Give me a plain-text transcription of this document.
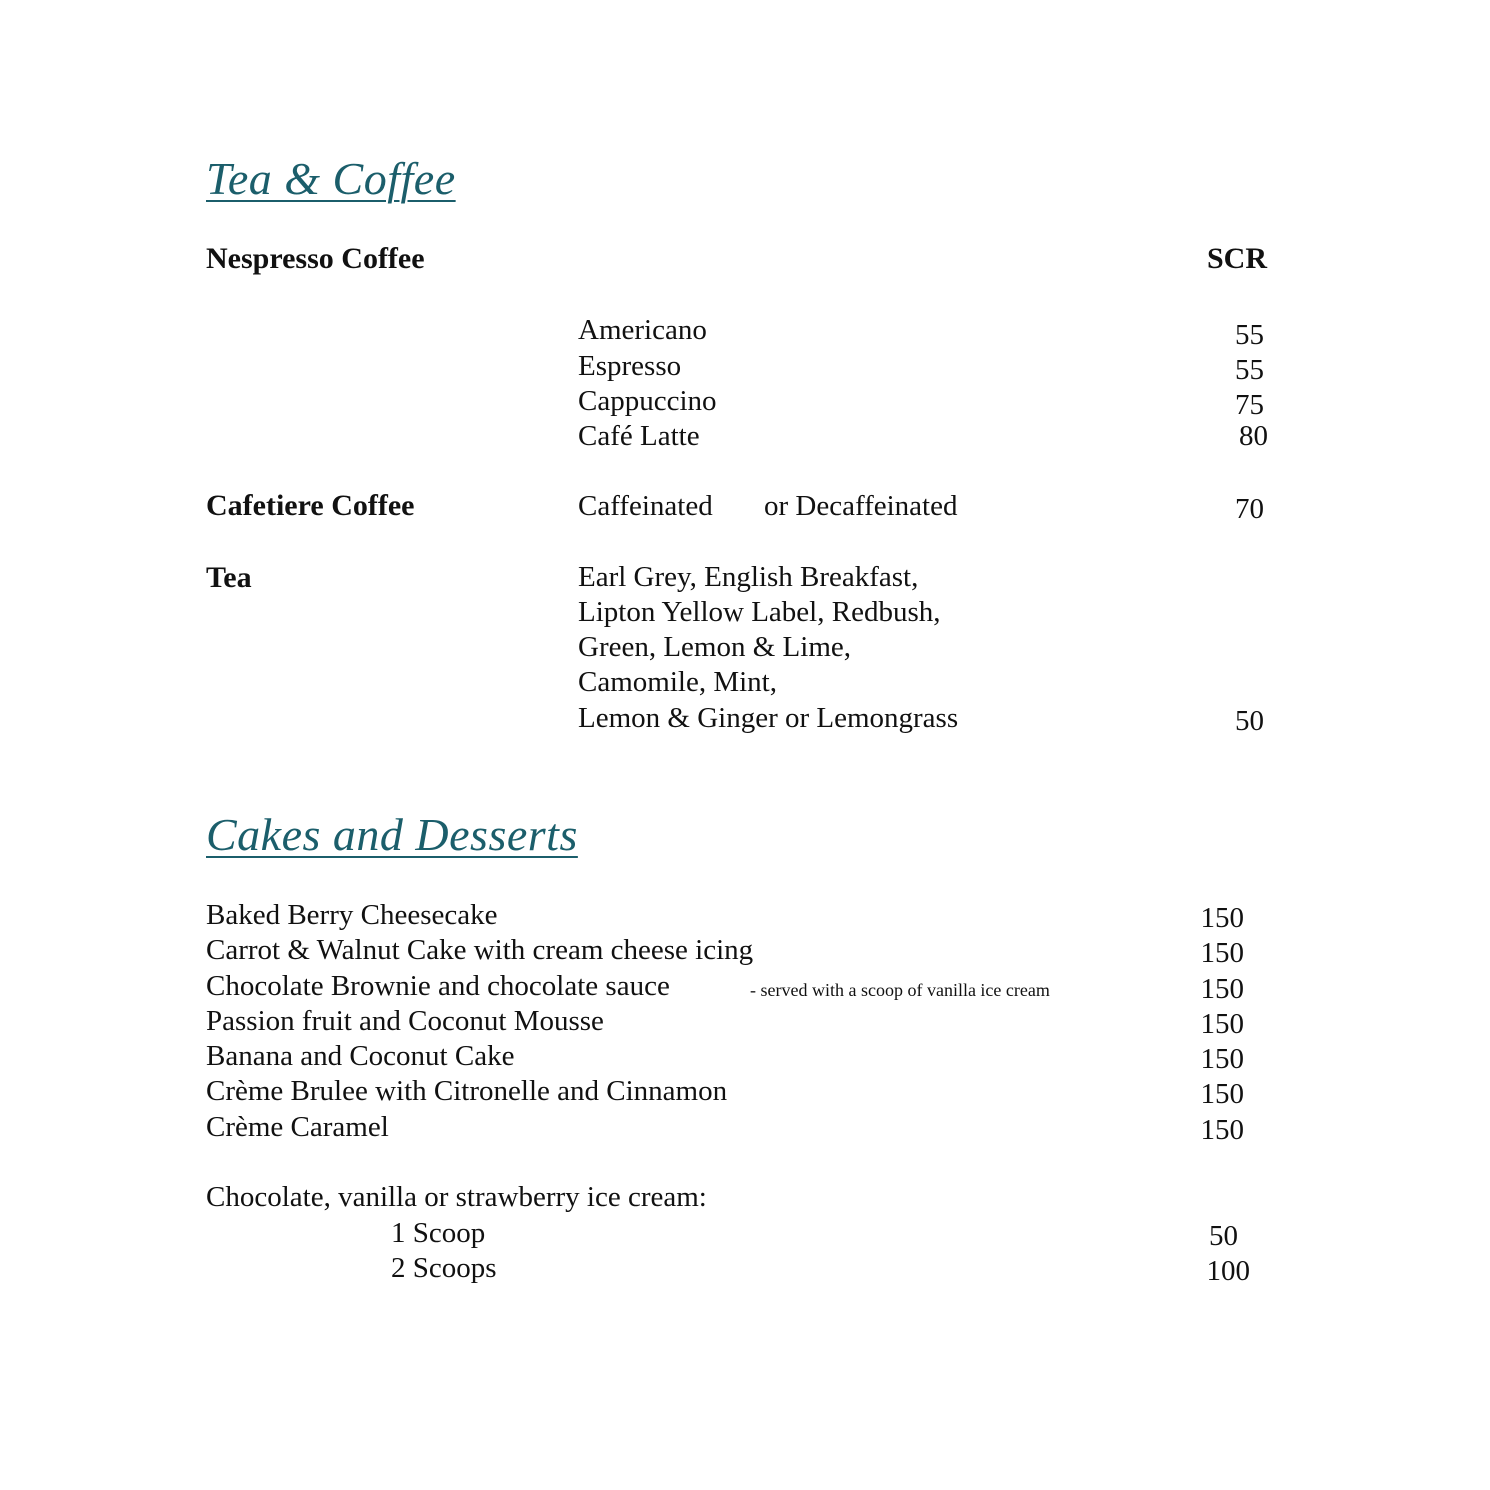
Tea & Coffee
Nespresso Coffee	SCR
Americano	55
Espresso	55
Cappuccino	75
Café Latte	80
Cafetiere Coffee	Caffeinated or Decaffeinated	70
Tea	Earl Grey, English Breakfast,
Lipton Yellow Label, Redbush,
Green, Lemon & Lime,
Camomile, Mint,
Lemon & Ginger or Lemongrass	50
Cakes and Desserts
Baked Berry Cheesecake	150
Carrot & Walnut Cake with cream cheese icing	150
Chocolate Brownie and chocolate sauce	- served with a scoop of vanilla ice cream	150
Passion fruit and Coconut Mousse	150
Banana and Coconut Cake	150
Crème Brulee with Citronelle and Cinnamon	150
Crème Caramel	150
Chocolate, vanilla or strawberry ice cream:
1 Scoop	50
2 Scoops	100
